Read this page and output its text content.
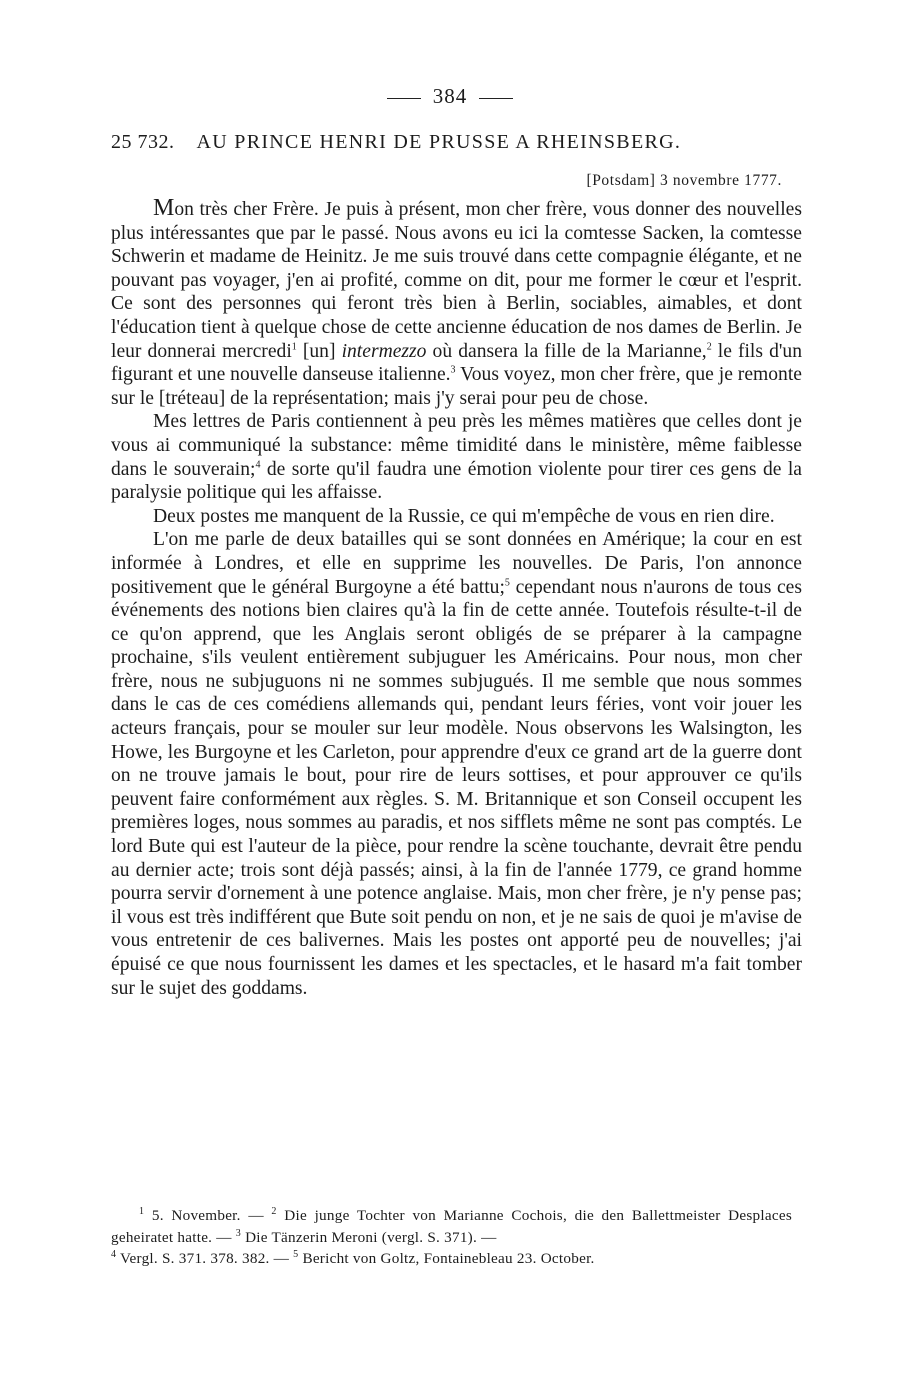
384
25 732. AU PRINCE HENRI DE PRUSSE A RHEINSBERG.
[Potsdam] 3 novembre 1777.

Mon très cher Frère. Je puis à présent, mon cher frère, vous donner des nouvelles plus intéressantes que par le passé. Nous avons eu ici la comtesse Sacken, la comtesse Schwerin et madame de Heinitz. Je me suis trouvé dans cette compagnie élégante, et ne pouvant pas voyager, j'en ai profité, comme on dit, pour me former le cœur et l'esprit. Ce sont des personnes qui feront très bien à Berlin, sociables, aimables, et dont l'éducation tient à quelque chose de cette ancienne éducation de nos dames de Berlin. Je leur donnerai mercredi$^1$ [un] intermezzo où dansera la fille de la Marianne,$^2$ le fils d'un figurant et une nouvelle danseuse italienne.$^3$ Vous voyez, mon cher frère, que je remonte sur le [tréteau] de la représentation; mais j'y serai pour peu de chose.

Mes lettres de Paris contiennent à peu près les mêmes matières que celles dont je vous ai communiqué la substance: même timidité dans le ministère, même faiblesse dans le souverain;$^4$ de sorte qu'il faudra une émotion violente pour tirer ces gens de la paralysie politique qui les affaisse.

Deux postes me manquent de la Russie, ce qui m'empêche de vous en rien dire.

L'on me parle de deux batailles qui se sont données en Amérique; la cour en est informée à Londres, et elle en supprime les nouvelles. De Paris, l'on annonce positivement que le général Burgoyne a été battu;$^5$ cependant nous n'aurons de tous ces événements des notions bien claires qu'à la fin de cette année. Toutefois résulte-t-il de ce qu'on apprend, que les Anglais seront obligés de se préparer à la campagne prochaine, s'ils veulent entièrement subjuguer les Américains. Pour nous, mon cher frère, nous ne subjuguons ni ne sommes subjugués. Il me semble que nous sommes dans le cas de ces comédiens allemands qui, pendant leurs féries, vont voir jouer les acteurs français, pour se mouler sur leur modèle. Nous observons les Walsington, les Howe, les Burgoyne et les Carleton, pour apprendre d'eux ce grand art de la guerre dont on ne trouve jamais le bout, pour rire de leurs sottises, et pour approuver ce qu'ils peuvent faire conformément aux règles. S. M. Britannique et son Conseil occupent les premières loges, nous sommes au paradis, et nos sifflets même ne sont pas comptés. Le lord Bute qui est l'auteur de la pièce, pour rendre la scène touchante, devrait être pendu au dernier acte; trois sont déjà passés; ainsi, à la fin de l'année 1779, ce grand homme pourra servir d'ornement à une potence anglaise. Mais, mon cher frère, je n'y pense pas; il vous est très indifférent que Bute soit pendu on non, et je ne sais de quoi je m'avise de vous entretenir de ces balivernes. Mais les postes ont apporté peu de nouvelles; j'ai épuisé ce que nous fournissent les dames et les spectacles, et le hasard m'a fait tomber sur le sujet des goddams.

$^1$ 5. November. — $^2$ Die junge Tochter von Marianne Cochois, die den Ballettmeister Desplaces geheiratet hatte. — $^3$ Die Tänzerin Meroni (vergl. S. 371). —
$^4$ Vergl. S. 371. 378. 382. — $^5$ Bericht von Goltz, Fontainebleau 23. October.
